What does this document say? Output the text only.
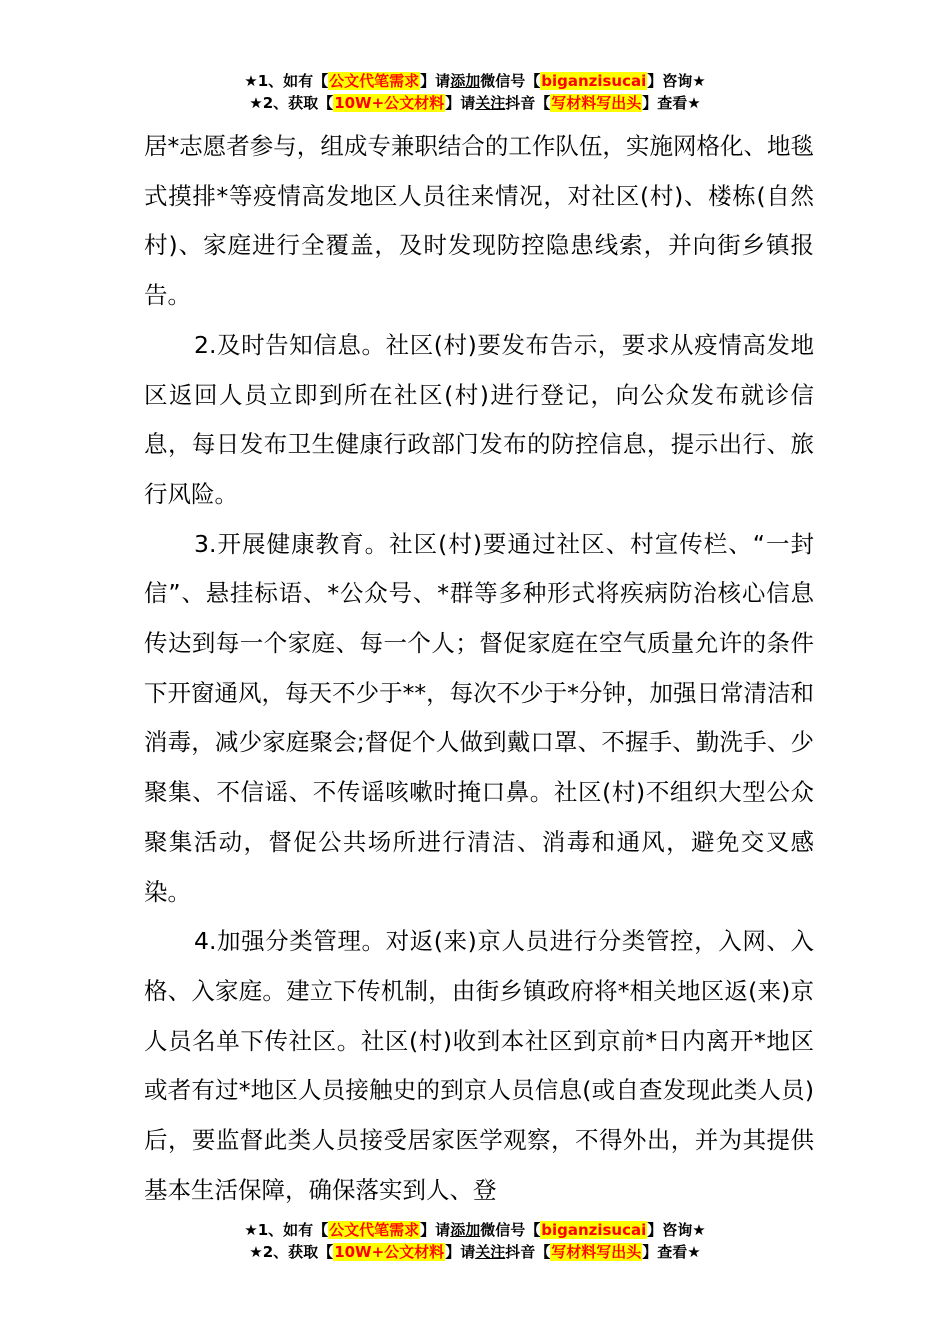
★1、如有【公文代笔需求】请添加微信号【biganzisucai】咨询★
★2、获取【10W+公文材料】请关注抖音【写材料写出头】查看★

居*志愿者参与，组成专兼职结合的工作队伍，实施网格化、地毯式摸排*等疫情高发地区人员往来情况，对社区(村)、楼栋(自然村)、家庭进行全覆盖，及时发现防控隐患线索，并向街乡镇报告。

2.及时告知信息。社区(村)要发布告示，要求从疫情高发地区返回人员立即到所在社区(村)进行登记，向公众发布就诊信息，每日发布卫生健康行政部门发布的防控信息，提示出行、旅行风险。

3.开展健康教育。社区(村)要通过社区、村宣传栏、“一封信”、悬挂标语、*公众号、*群等多种形式将疾病防治核心信息传达到每一个家庭、每一个人；督促家庭在空气质量允许的条件下开窗通风，每天不少于**，每次不少于*分钟，加强日常清洁和消毒，减少家庭聚会;督促个人做到戴口罩、不握手、勤洗手、少聚集、不信谣、不传谣咳嗽时掩口鼻。社区(村)不组织大型公众聚集活动，督促公共场所进行清洁、消毒和通风，避免交叉感染。

4.加强分类管理。对返(来)京人员进行分类管控，入网、入格、入家庭。建立下传机制，由街乡镇政府将*相关地区返(来)京人员名单下传社区。社区(村)收到本社区到京前*日内离开*地区或者有过*地区人员接触史的到京人员信息(或自查发现此类人员)后，要监督此类人员接受居家医学观察，不得外出，并为其提供基本生活保障，确保落实到人、登

★1、如有【公文代笔需求】请添加微信号【biganzisucai】咨询★
★2、获取【10W+公文材料】请关注抖音【写材料写出头】查看★
